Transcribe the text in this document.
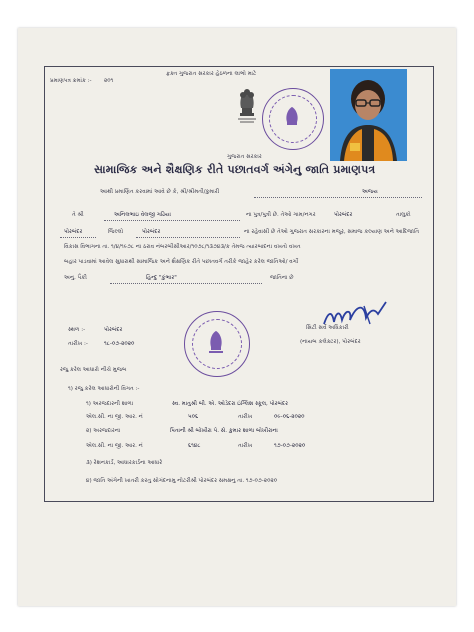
પ્રમાણપત્ર ક્રમાંક :- ૨૦૧
ફક્ત ગુજરાત સરકાર હેઠળના લાભો માટે
ગુજરાત સરકાર
સામાજિક અને શૈક્ષણિક રીતે પછાતવર્ગ અંગેનુ જાતિ પ્રમાણપત્ર
આથી પ્રમાણિત કરવામાં આવે છે કે, શ્રી/શ્રીમતી/કુમારી	અજય
તે શ્રી	અનિલભાઇ વેલજી ગઢિયા	ના પુત્ર/પુત્રી છે. તેઓ ગામ/નગર	પોરબંદર	તાલુકો
પોરબંદર	જિલ્લો	પોરબંદર	ના રહેવાસી છે તેઓ ગુજરાત સરકારના મજૂર, સમાજ કલ્યાણ અને આદિજાતિ
વિકાસ વિભાગના તા. ૧/૪/૧૯૭૮ ના ઠરાવ નંબરબીસીઆર/૧૦૭૮/૧૩૭૪૩/ક તેમજ ત્યારબાદના વખતો વખત
બહાર પાડવામાં આવેલ સુધારાથી સામાજિક અને શૈક્ષણિક રીતે પછાતવર્ગ તરીકે જાહેર કરેલ જાતિઓ/ વર્ગો
અનુ. પૈકી	હિન્દુ "કુંભાર"	જાતિના છે
સ્થળ :-	પોરબંદર
તારીખ :-	૧૮-૦૭-૨૦૨૦
સિટી સર્વે અધિકારી
(નાયબ કલેક્ટર), પોરબંદર
રજુ કરેલ આધારો નીચે મુજબ
૧) રજુ કરેલ આધારોની વિગત :-
૧) અરજદારની શાળા	સ્વ. માતુશ્રી બી. એ. ઓડેદરા ઇંગ્લિશ સ્કૂલ, પોરબંદર
એલ.સી. ના જી. આર. નં	૫૦૬	તારીખ	૦૯-૦૬-૨૦૨૦
૨) અરજદારના	પિતાની શ્રી બોખીરા પે. સે. કુમાર શાળા બોખીરાના
એલ.સી. ના જી. આર. નં	૬૧૪૮	તારીખ	૧૭-૦૭-૨૦૨૦
૩) રેશનકાર્ડ, આધારકાર્ડના આધારે
૪) જાતિ અંગેની ખાતરી કરતુ સોગંદનામુ નોટરીશ્રી પોરબંદર સમક્ષનુ તા. ૧૭-૦૭-૨૦૨૦
